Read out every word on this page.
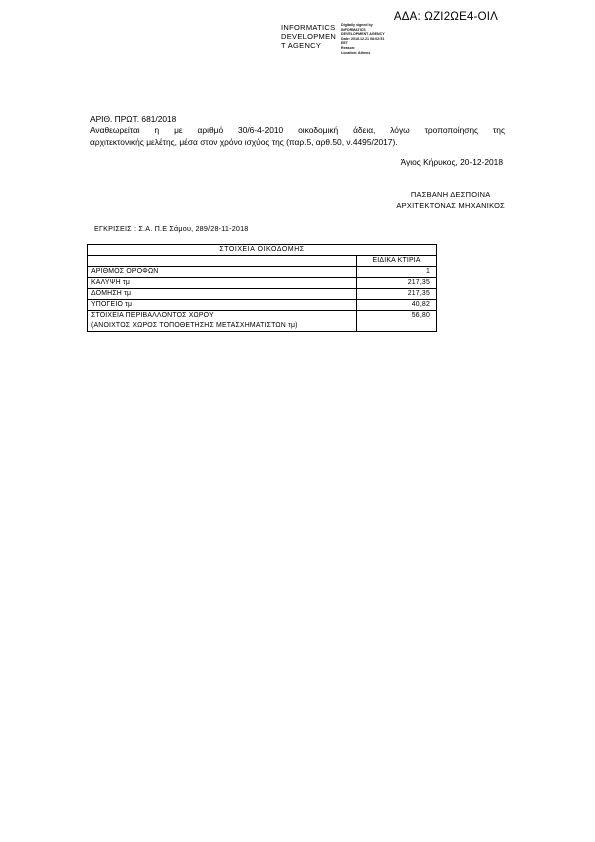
ΑΔΑ: ΩΖΙ2ΩΕ4-ΟΙΛ
INFORMATICS
DEVELOPMEN
T AGENCY
Digitally signed by
INFORMATICS
DEVELOPMENT AGENCY
Date: 2018.12.21 08:02:51
EET
Reason:
Location: Athens
ΑΡΙΘ. ΠΡΩΤ. 681/2018
Αναθεωρείται η με αριθμό 30/6-4-2010 οικοδομική άδεια, λόγω τροποποίησης της
αρχιτεκτονικής μελέτης, μέσα στον χρόνο ισχύος της (παρ.5, αρθ.50, ν.4495/2017).
Άγιος Κήρυκος, 20-12-2018
ΠΑΣΒΑΝΗ ΔΕΣΠΟΙΝΑ
ΑΡΧΙΤΕΚΤΟΝΑΣ ΜΗΧΑΝΙΚΟΣ
ΕΓΚΡΙΣΕΙΣ : Σ.Α. Π.Ε Σάμου, 289/28-11-2018
ΣΤΟΙΧΕΙΑ ΟΙΚΟΔΟΜΗΣ	
	ΕΙΔΙΚΑ ΚΤΙΡΙΑ
ΑΡΙΘΜΟΣ ΟΡΟΦΩΝ	1
ΚΑΛΥΨΗ τμ	217,35
ΔΟΜΗΣΗ τμ	217,35
ΥΠΟΓΕΙΟ τμ	40,82

ΣΤΟΙΧΕΙΑ ΠΕΡΙΒΑΛΛΟΝΤΟΣ ΧΩΡΟΥ
(ΑΝΟΙΧΤΟΣ ΧΩΡΟΣ ΤΟΠΟΘΕΤΗΣΗΣ ΜΕΤΑΣΧΗΜΑΤΙΣΤΩΝ τμ)	56,80
